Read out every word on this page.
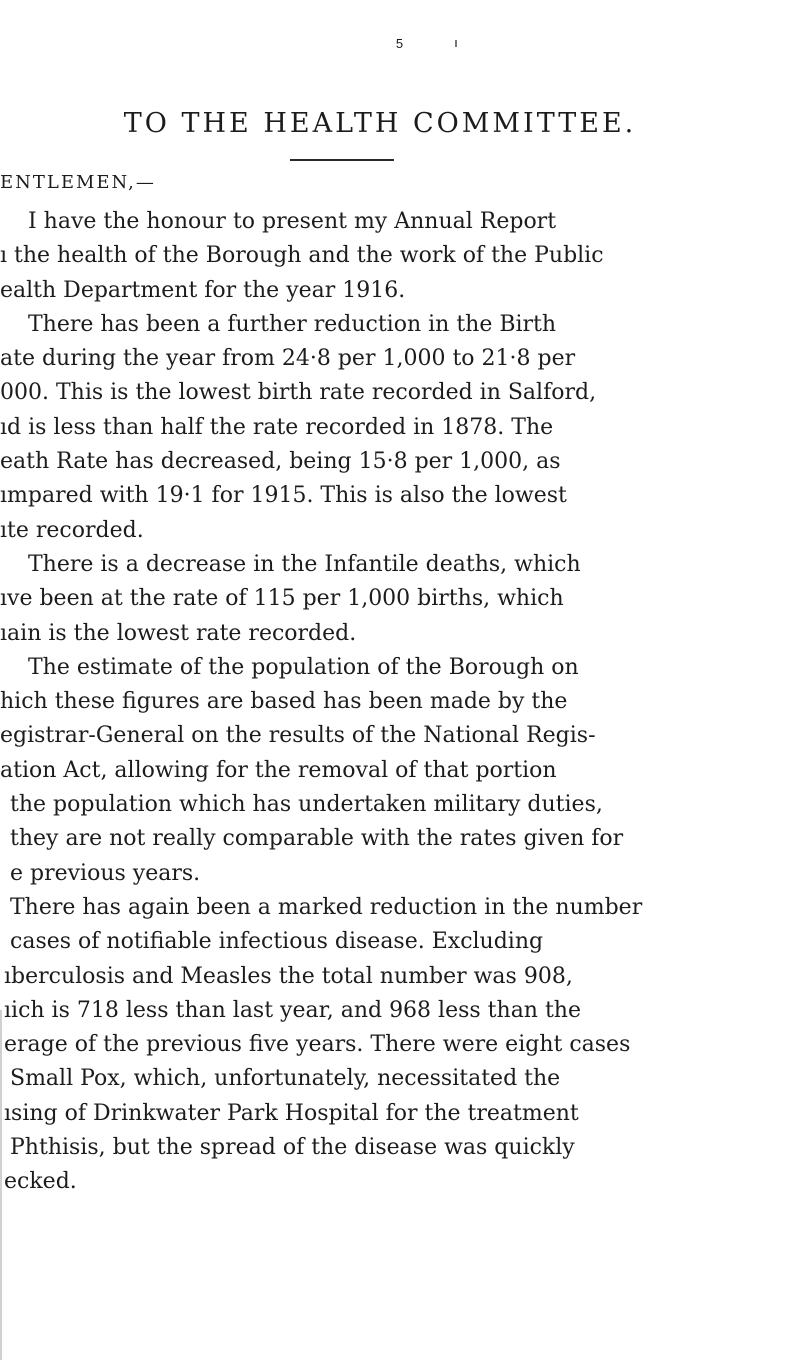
5
TO THE HEALTH COMMITTEE.
ENTLEMEN,—
I have the honour to present my Annual Report
ı the health of the Borough and the work of the Public
ealth Department for the year 1916.
There has been a further reduction in the Birth
ate during the year from 24·8 per 1,000 to 21·8 per
000. This is the lowest birth rate recorded in Salford,
ıd is less than half the rate recorded in 1878. The
eath Rate has decreased, being 15·8 per 1,000, as
ımpared with 19·1 for 1915. This is also the lowest
ıte recorded.
There is a decrease in the Infantile deaths, which
ıve been at the rate of 115 per 1,000 births, which
ıain is the lowest rate recorded.
The estimate of the population of the Borough on
hich these figures are based has been made by the
egistrar-General on the results of the National Regis-
ation Act, allowing for the removal of that portion
the population which has undertaken military duties,
they are not really comparable with the rates given for
e previous years.
There has again been a marked reduction in the number
cases of notifiable infectious disease. Excluding
ıberculosis and Measles the total number was 908,
ıich is 718 less than last year, and 968 less than the
erage of the previous five years. There were eight cases
Small Pox, which, unfortunately, necessitated the
ısing of Drinkwater Park Hospital for the treatment
Phthisis, but the spread of the disease was quickly
ecked.
